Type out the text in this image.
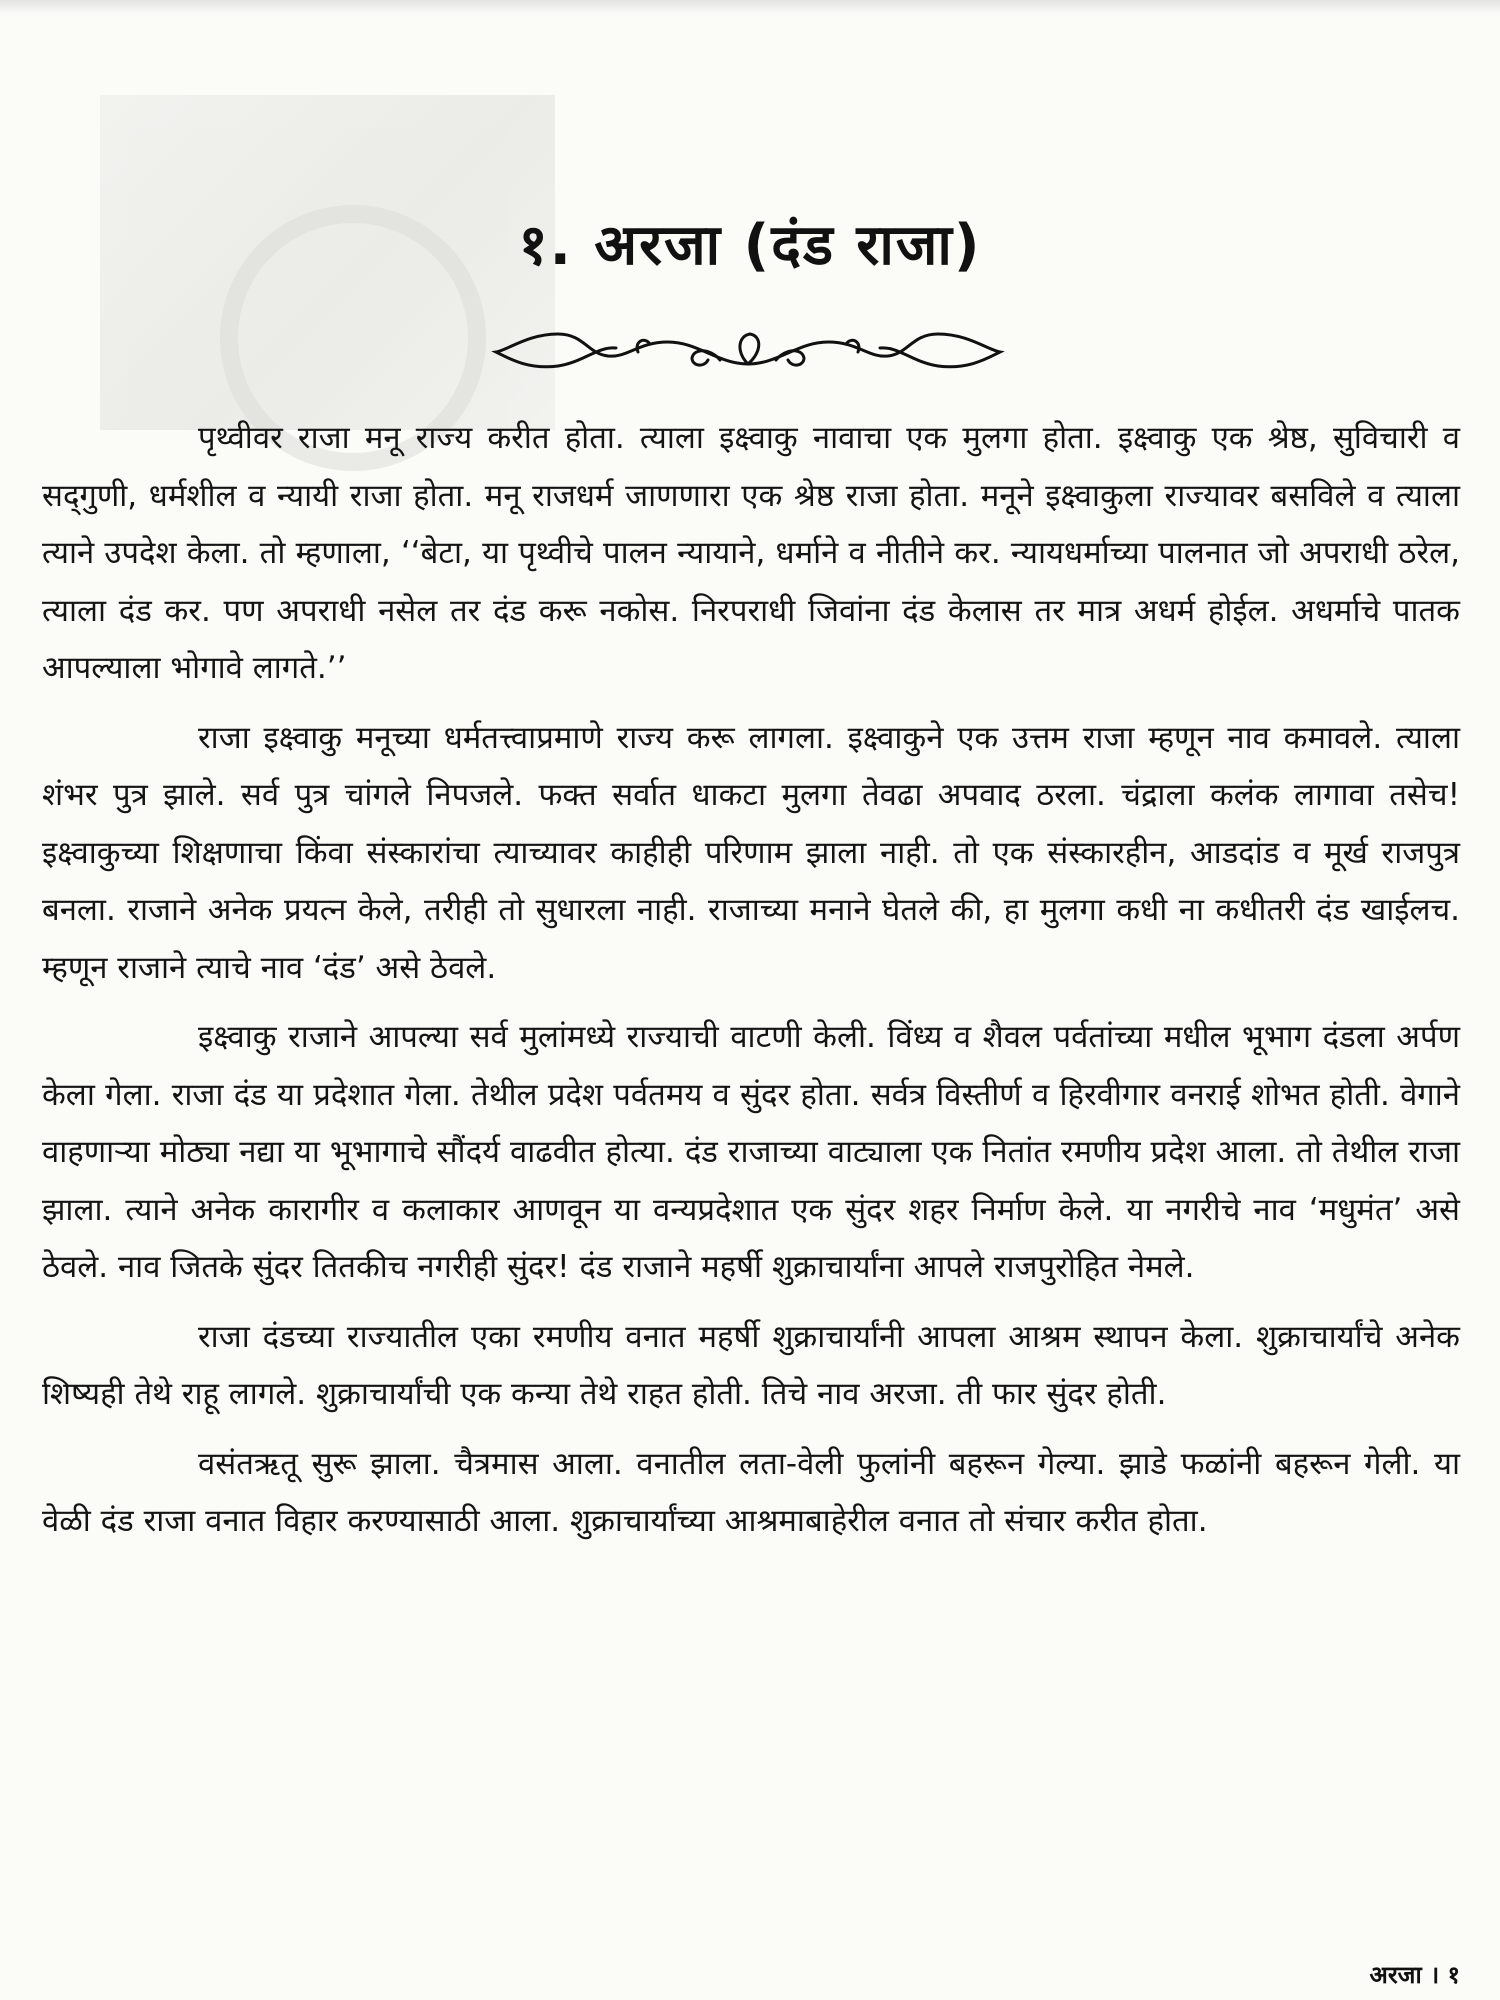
१. अरजा (दंड राजा)

पृथ्वीवर राजा मनू राज्य करीत होता. त्याला इक्ष्वाकु नावाचा एक मुलगा होता. इक्ष्वाकु एक श्रेष्ठ, सुविचारी व सद्‌गुणी, धर्मशील व न्यायी राजा होता. मनू राजधर्म जाणणारा एक श्रेष्ठ राजा होता. मनूने इक्ष्वाकुला राज्यावर बसविले व त्याला त्याने उपदेश केला. तो म्हणाला, ‘‘बेटा, या पृथ्वीचे पालन न्यायाने, धर्माने व नीतीने कर. न्यायधर्माच्या पालनात जो अपराधी ठरेल, त्याला दंड कर. पण अपराधी नसेल तर दंड करू नकोस. निरपराधी जिवांना दंड केलास तर मात्र अधर्म होईल. अधर्माचे पातक आपल्याला भोगावे लागते.’’

राजा इक्ष्वाकु मनूच्या धर्मतत्त्वाप्रमाणे राज्य करू लागला. इक्ष्वाकुने एक उत्तम राजा म्हणून नाव कमावले. त्याला शंभर पुत्र झाले. सर्व पुत्र चांगले निपजले. फक्त सर्वात धाकटा मुलगा तेवढा अपवाद ठरला. चंद्राला कलंक लागावा तसेच! इक्ष्वाकुच्या शिक्षणाचा किंवा संस्कारांचा त्याच्यावर काहीही परिणाम झाला नाही. तो एक संस्कारहीन, आडदांड व मूर्ख राजपुत्र बनला. राजाने अनेक प्रयत्न केले, तरीही तो सुधारला नाही. राजाच्या मनाने घेतले की, हा मुलगा कधी ना कधीतरी दंड खाईलच. म्हणून राजाने त्याचे नाव ‘दंड’ असे ठेवले.

इक्ष्वाकु राजाने आपल्या सर्व मुलांमध्ये राज्याची वाटणी केली. विंध्य व शैवल पर्वतांच्या मधील भूभाग दंडला अर्पण केला गेला. राजा दंड या प्रदेशात गेला. तेथील प्रदेश पर्वतमय व सुंदर होता. सर्वत्र विस्तीर्ण व हिरवीगार वनराई शोभत होती. वेगाने वाहणाऱ्या मोठ्या नद्या या भूभागाचे सौंदर्य वाढवीत होत्या. दंड राजाच्या वाट्याला एक नितांत रमणीय प्रदेश आला. तो तेथील राजा झाला. त्याने अनेक कारागीर व कलाकार आणवून या वन्यप्रदेशात एक सुंदर शहर निर्माण केले. या नगरीचे नाव ‘मधुमंत’ असे ठेवले. नाव जितके सुंदर तितकीच नगरीही सुंदर! दंड राजाने महर्षी शुक्राचार्यांना आपले राजपुरोहित नेमले.

राजा दंडच्या राज्यातील एका रमणीय वनात महर्षी शुक्राचार्यांनी आपला आश्रम स्थापन केला. शुक्राचार्यांचे अनेक शिष्यही तेथे राहू लागले. शुक्राचार्यांची एक कन्या तेथे राहत होती. तिचे नाव अरजा. ती फार सुंदर होती.

वसंतऋतू सुरू झाला. चैत्रमास आला. वनातील लता-वेली फुलांनी बहरून गेल्या. झाडे फळांनी बहरून गेली. या वेळी दंड राजा वनात विहार करण्यासाठी आला. शुक्राचार्यांच्या आश्रमाबाहेरील वनात तो संचार करीत होता.

अरजा । १
